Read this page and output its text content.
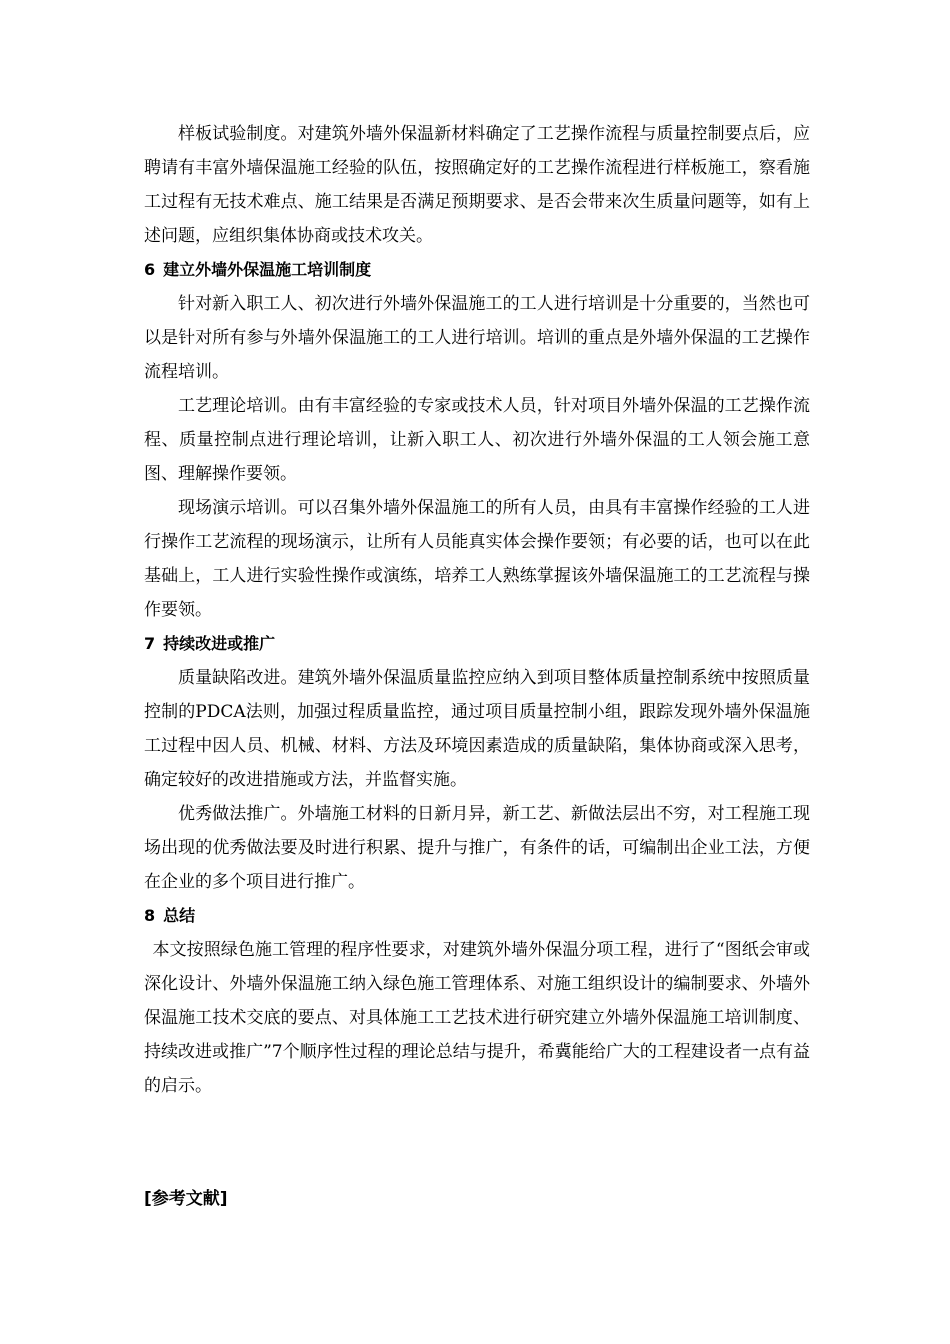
样板试验制度。对建筑外墙外保温新材料确定了工艺操作流程与质量控制要点后，应聘请有丰富外墙保温施工经验的队伍，按照确定好的工艺操作流程进行样板施工，察看施工过程有无技术难点、施工结果是否满足预期要求、是否会带来次生质量问题等，如有上述问题，应组织集体协商或技术攻关。

6 建立外墙外保温施工培训制度

针对新入职工人、初次进行外墙外保温施工的工人进行培训是十分重要的，当然也可以是针对所有参与外墙外保温施工的工人进行培训。培训的重点是外墙外保温的工艺操作流程培训。

工艺理论培训。由有丰富经验的专家或技术人员，针对项目外墙外保温的工艺操作流程、质量控制点进行理论培训，让新入职工人、初次进行外墙外保温的工人领会施工意图、理解操作要领。

现场演示培训。可以召集外墙外保温施工的所有人员，由具有丰富操作经验的工人进行操作工艺流程的现场演示，让所有人员能真实体会操作要领；有必要的话，也可以在此基础上，工人进行实验性操作或演练，培养工人熟练掌握该外墙保温施工的工艺流程与操作要领。

7 持续改进或推广

质量缺陷改进。建筑外墙外保温质量监控应纳入到项目整体质量控制系统中按照质量控制的PDCA法则，加强过程质量监控，通过项目质量控制小组，跟踪发现外墙外保温施工过程中因人员、机械、材料、方法及环境因素造成的质量缺陷，集体协商或深入思考，确定较好的改进措施或方法，并监督实施。

优秀做法推广。外墙施工材料的日新月异，新工艺、新做法层出不穷，对工程施工现场出现的优秀做法要及时进行积累、提升与推广，有条件的话，可编制出企业工法，方便在企业的多个项目进行推广。

8 总结

本文按照绿色施工管理的程序性要求，对建筑外墙外保温分项工程，进行了“图纸会审或深化设计、外墙外保温施工纳入绿色施工管理体系、对施工组织设计的编制要求、外墙外保温施工技术交底的要点、对具体施工工艺技术进行研究建立外墙外保温施工培训制度、持续改进或推广”7个顺序性过程的理论总结与提升，希冀能给广大的工程建设者一点有益的启示。

[参考文献]
